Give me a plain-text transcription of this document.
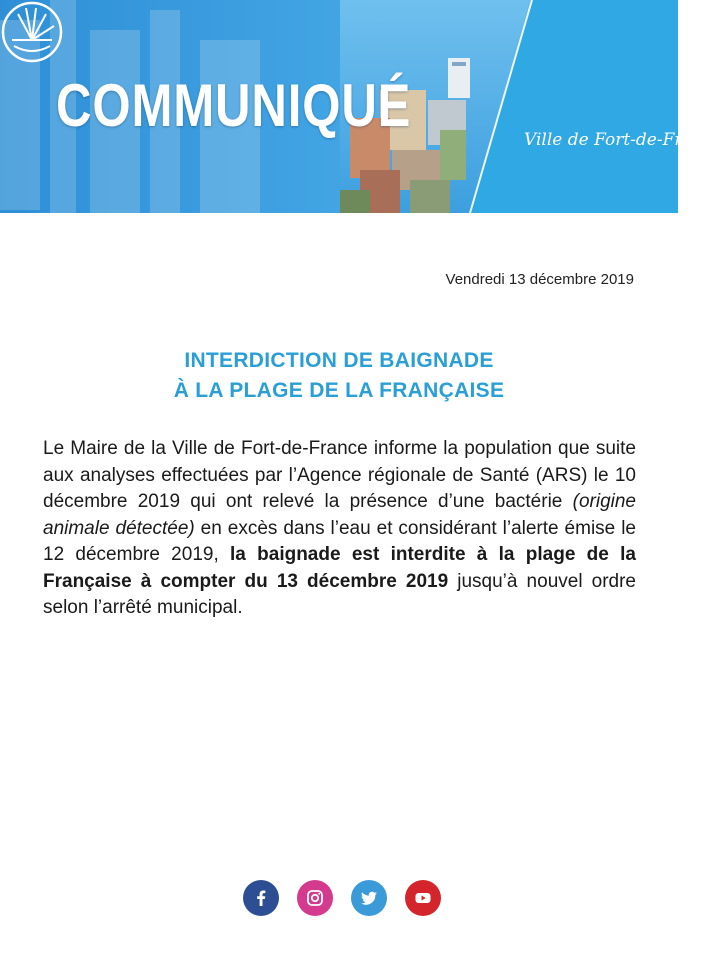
COMMUNIQUÉ
Ville de Fort-de-France
Vendredi 13 décembre 2019
INTERDICTION DE BAIGNADE
À LA PLAGE DE LA FRANÇAISE
Le Maire de la Ville de Fort-de-France informe la population que suite aux analyses effectuées par l’Agence régionale de Santé (ARS) le 10 décembre 2019 qui ont relevé la présence d’une bactérie (origine animale détectée) en excès dans l’eau et considérant l’alerte émise le 12 décembre 2019, la baignade est interdite à la plage de la Française à compter du 13 décembre 2019 jusqu’à nouvel ordre selon l’arrêté municipal.
